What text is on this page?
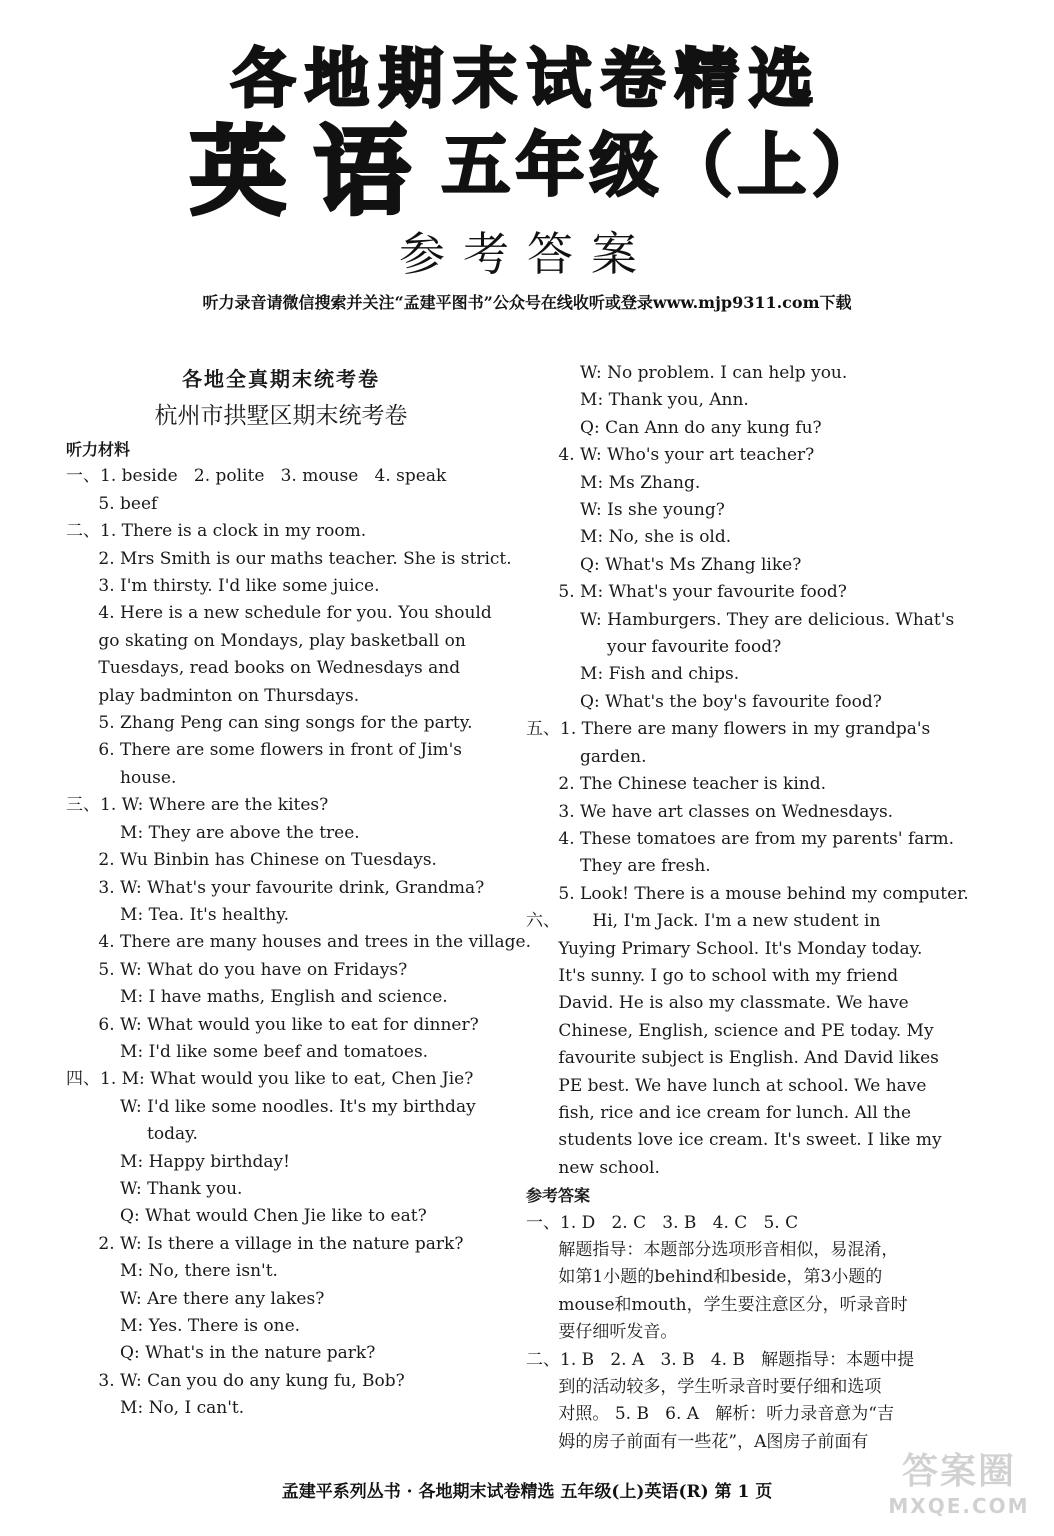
各地期末试卷精选
英语 五年级（上）
参考答案
听力录音请微信搜索并关注“孟建平图书”公众号在线收听或登录www.mjp9311.com下载
各地全真期末统考卷
杭州市拱墅区期末统考卷
听力材料
一、1. beside   2. polite   3. mouse   4. speak
5. beef
二、1. There is a clock in my room.
2. Mrs Smith is our maths teacher. She is strict.
3. I'm thirsty. I'd like some juice.
4. Here is a new schedule for you. You should
go skating on Mondays, play basketball on
Tuesdays, read books on Wednesdays and
play badminton on Thursdays.
5. Zhang Peng can sing songs for the party.
6. There are some flowers in front of Jim's
house.
三、1. W: Where are the kites?
M: They are above the tree.
2. Wu Binbin has Chinese on Tuesdays.
3. W: What's your favourite drink, Grandma?
M: Tea. It's healthy.
4. There are many houses and trees in the village.
5. W: What do you have on Fridays?
M: I have maths, English and science.
6. W: What would you like to eat for dinner?
M: I'd like some beef and tomatoes.
四、1. M: What would you like to eat, Chen Jie?
W: I'd like some noodles. It's my birthday
today.
M: Happy birthday!
W: Thank you.
Q: What would Chen Jie like to eat?
2. W: Is there a village in the nature park?
M: No, there isn't.
W: Are there any lakes?
M: Yes. There is one.
Q: What's in the nature park?
3. W: Can you do any kung fu, Bob?
M: No, I can't.
W: No problem. I can help you.
M: Thank you, Ann.
Q: Can Ann do any kung fu?
4. W: Who's your art teacher?
M: Ms Zhang.
W: Is she young?
M: No, she is old.
Q: What's Ms Zhang like?
5. M: What's your favourite food?
W: Hamburgers. They are delicious. What's
your favourite food?
M: Fish and chips.
Q: What's the boy's favourite food?
五、1. There are many flowers in my grandpa's
garden.
2. The Chinese teacher is kind.
3. We have art classes on Wednesdays.
4. These tomatoes are from my parents' farm.
They are fresh.
5. Look! There is a mouse behind my computer.
六、      Hi, I'm Jack. I'm a new student in
Yuying Primary School. It's Monday today.
It's sunny. I go to school with my friend
David. He is also my classmate. We have
Chinese, English, science and PE today. My
favourite subject is English. And David likes
PE best. We have lunch at school. We have
fish, rice and ice cream for lunch. All the
students love ice cream. It's sweet. I like my
new school.
参考答案
一、1. D   2. C   3. B   4. C   5. C
解题指导：本题部分选项形音相似，易混淆，
如第1小题的behind和beside，第3小题的
mouse和mouth，学生要注意区分，听录音时
要仔细听发音。
二、1. B   2. A   3. B   4. B   解题指导：本题中提
到的活动较多，学生听录音时要仔细和选项
对照。 5. B   6. A   解析：听力录音意为“吉
姆的房子前面有一些花”，A图房子前面有
孟建平系列丛书 · 各地期末试卷精选 五年级(上)英语(R) 第 1 页	答案圈
MXQE.COM
